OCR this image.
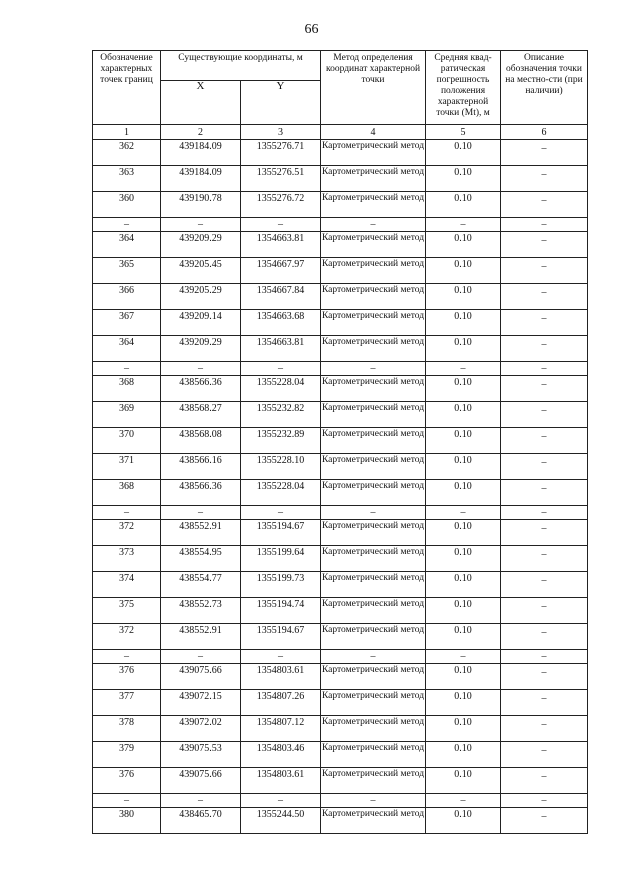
66
Обозначение характерных точек границ	Существующие координаты, м		Метод определения координат характерной точки	Средняя квад-ратическая погрешность положения характерной точки (Mt), м	Описание обозначения точки на местно-сти (при наличии)
	X	Y			
1	2	3	4	5	6
362	439184.09	1355276.71	Картометрический метод	0.10	–
363	439184.09	1355276.51	Картометрический метод	0.10	–
360	439190.78	1355276.72	Картометрический метод	0.10	–
–	–	–	–	–	–
364	439209.29	1354663.81	Картометрический метод	0.10	–
365	439205.45	1354667.97	Картометрический метод	0.10	–
366	439205.29	1354667.84	Картометрический метод	0.10	–
367	439209.14	1354663.68	Картометрический метод	0.10	–
364	439209.29	1354663.81	Картометрический метод	0.10	–
–	–	–	–	–	–
368	438566.36	1355228.04	Картометрический метод	0.10	–
369	438568.27	1355232.82	Картометрический метод	0.10	–
370	438568.08	1355232.89	Картометрический метод	0.10	–
371	438566.16	1355228.10	Картометрический метод	0.10	–
368	438566.36	1355228.04	Картометрический метод	0.10	–
–	–	–	–	–	–
372	438552.91	1355194.67	Картометрический метод	0.10	–
373	438554.95	1355199.64	Картометрический метод	0.10	–
374	438554.77	1355199.73	Картометрический метод	0.10	–
375	438552.73	1355194.74	Картометрический метод	0.10	–
372	438552.91	1355194.67	Картометрический метод	0.10	–
–	–	–	–	–	–
376	439075.66	1354803.61	Картометрический метод	0.10	–
377	439072.15	1354807.26	Картометрический метод	0.10	–
378	439072.02	1354807.12	Картометрический метод	0.10	–
379	439075.53	1354803.46	Картометрический метод	0.10	–
376	439075.66	1354803.61	Картометрический метод	0.10	–
–	–	–	–	–	–
380	438465.70	1355244.50	Картометрический метод	0.10	–
